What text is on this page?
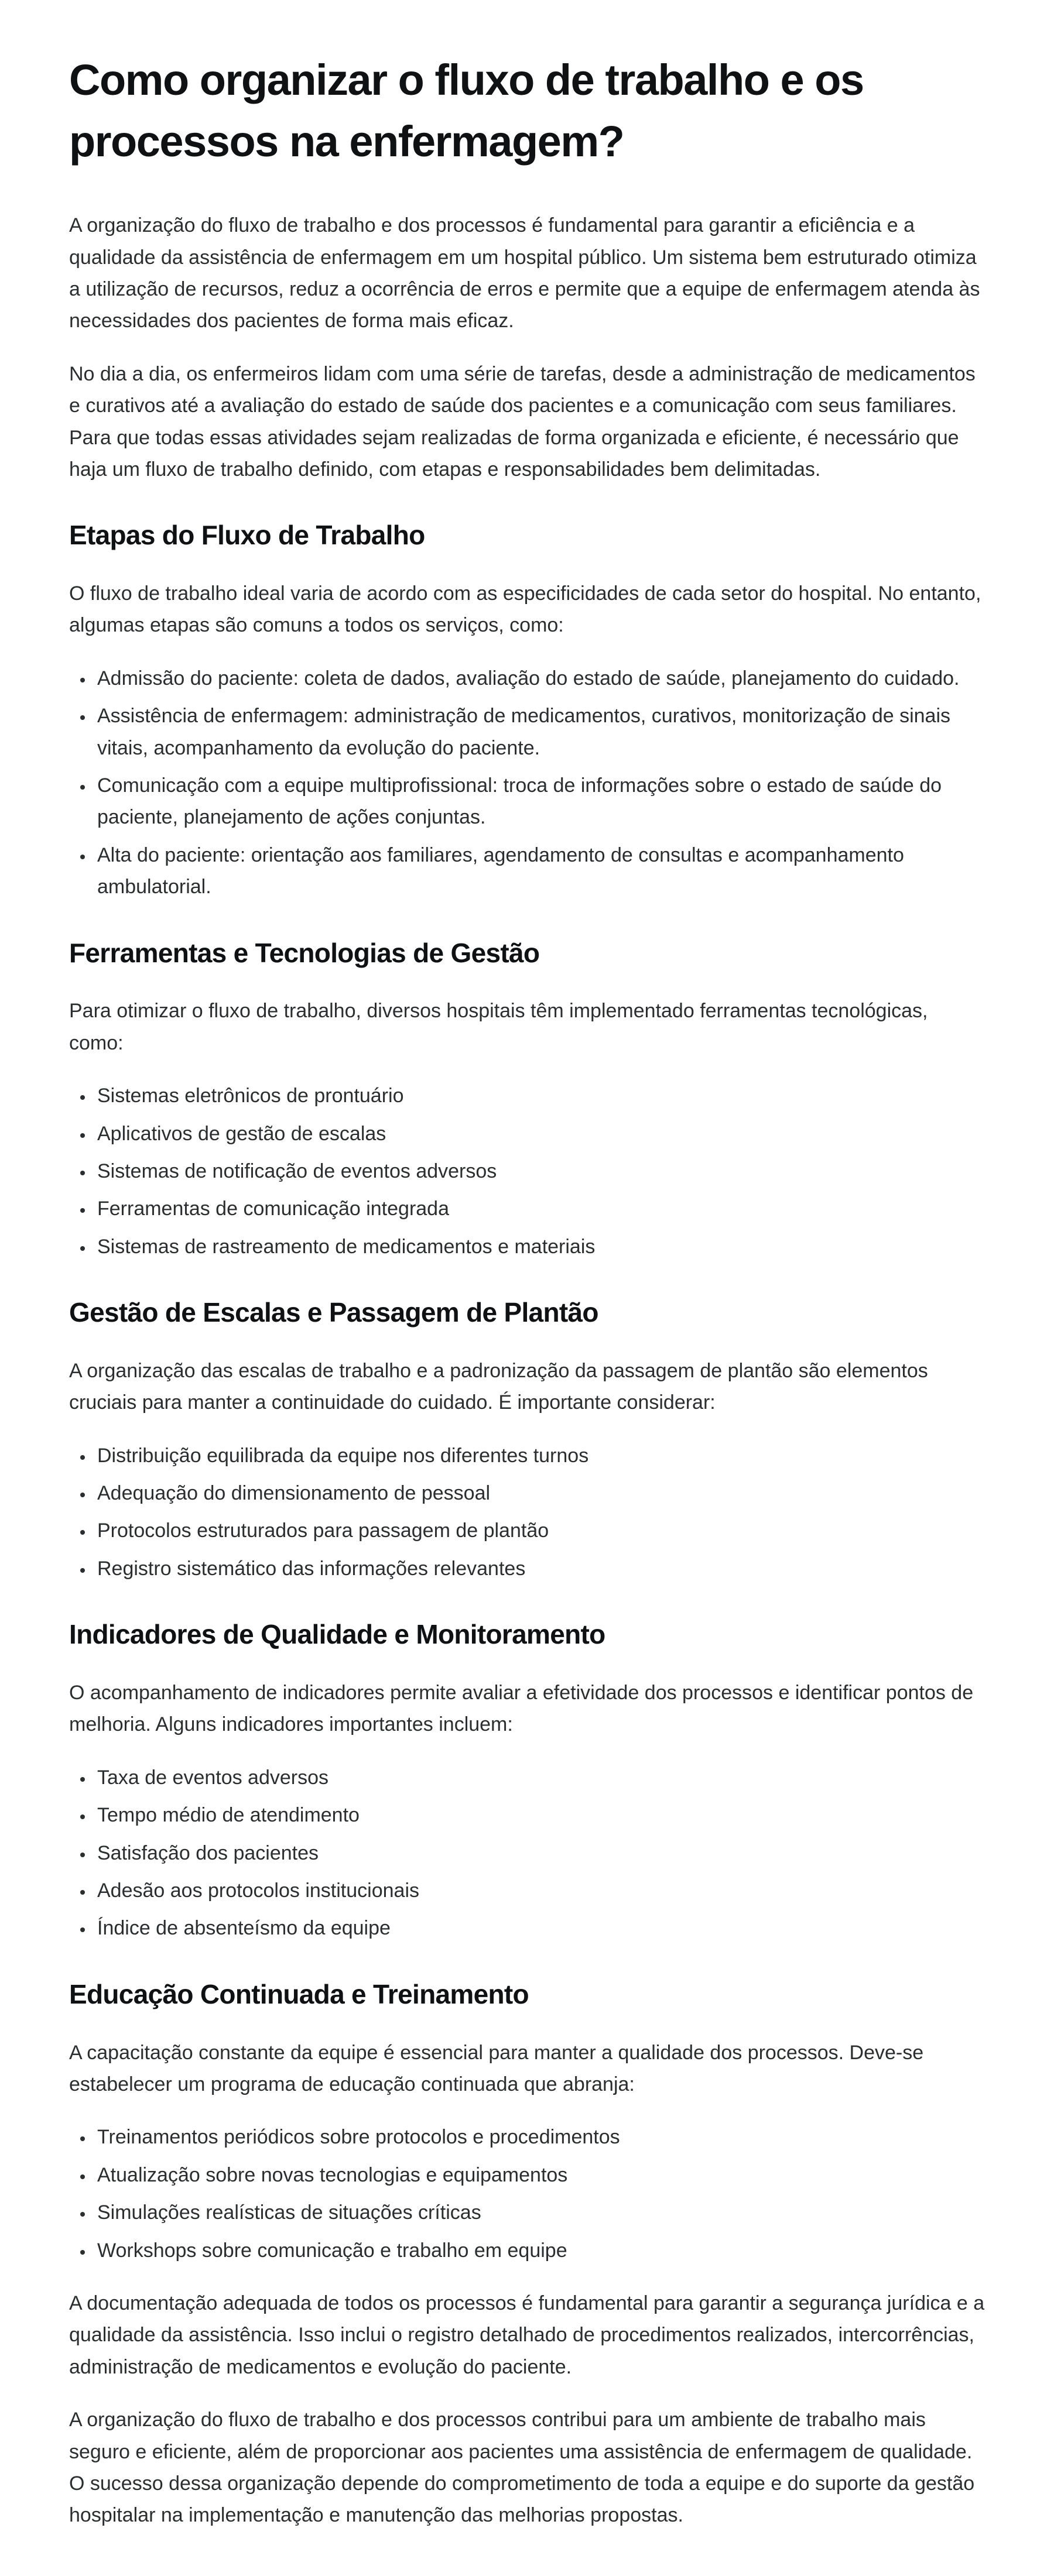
Como organizar o fluxo de trabalho e os processos na enfermagem?

A organização do fluxo de trabalho e dos processos é fundamental para garantir a eficiência e a qualidade da assistência de enfermagem em um hospital público. Um sistema bem estruturado otimiza a utilização de recursos, reduz a ocorrência de erros e permite que a equipe de enfermagem atenda às necessidades dos pacientes de forma mais eficaz.

No dia a dia, os enfermeiros lidam com uma série de tarefas, desde a administração de medicamentos e curativos até a avaliação do estado de saúde dos pacientes e a comunicação com seus familiares. Para que todas essas atividades sejam realizadas de forma organizada e eficiente, é necessário que haja um fluxo de trabalho definido, com etapas e responsabilidades bem delimitadas.

Etapas do Fluxo de Trabalho

O fluxo de trabalho ideal varia de acordo com as especificidades de cada setor do hospital. No entanto, algumas etapas são comuns a todos os serviços, como:

• Admissão do paciente: coleta de dados, avaliação do estado de saúde, planejamento do cuidado.
• Assistência de enfermagem: administração de medicamentos, curativos, monitorização de sinais vitais, acompanhamento da evolução do paciente.
• Comunicação com a equipe multiprofissional: troca de informações sobre o estado de saúde do paciente, planejamento de ações conjuntas.
• Alta do paciente: orientação aos familiares, agendamento de consultas e acompanhamento ambulatorial.
Ferramentas e Tecnologias de Gestão

Para otimizar o fluxo de trabalho, diversos hospitais têm implementado ferramentas tecnológicas, como:

• Sistemas eletrônicos de prontuário
• Aplicativos de gestão de escalas
• Sistemas de notificação de eventos adversos
• Ferramentas de comunicação integrada
• Sistemas de rastreamento de medicamentos e materiais
Gestão de Escalas e Passagem de Plantão

A organização das escalas de trabalho e a padronização da passagem de plantão são elementos cruciais para manter a continuidade do cuidado. É importante considerar:

• Distribuição equilibrada da equipe nos diferentes turnos
• Adequação do dimensionamento de pessoal
• Protocolos estruturados para passagem de plantão
• Registro sistemático das informações relevantes
Indicadores de Qualidade e Monitoramento

O acompanhamento de indicadores permite avaliar a efetividade dos processos e identificar pontos de melhoria. Alguns indicadores importantes incluem:

• Taxa de eventos adversos
• Tempo médio de atendimento
• Satisfação dos pacientes
• Adesão aos protocolos institucionais
• Índice de absenteísmo da equipe
Educação Continuada e Treinamento

A capacitação constante da equipe é essencial para manter a qualidade dos processos. Deve-se estabelecer um programa de educação continuada que abranja:

• Treinamentos periódicos sobre protocolos e procedimentos
• Atualização sobre novas tecnologias e equipamentos
• Simulações realísticas de situações críticas
• Workshops sobre comunicação e trabalho em equipe

A documentação adequada de todos os processos é fundamental para garantir a segurança jurídica e a qualidade da assistência. Isso inclui o registro detalhado de procedimentos realizados, intercorrências, administração de medicamentos e evolução do paciente.

A organização do fluxo de trabalho e dos processos contribui para um ambiente de trabalho mais seguro e eficiente, além de proporcionar aos pacientes uma assistência de enfermagem de qualidade. O sucesso dessa organização depende do comprometimento de toda a equipe e do suporte da gestão hospitalar na implementação e manutenção das melhorias propostas.
